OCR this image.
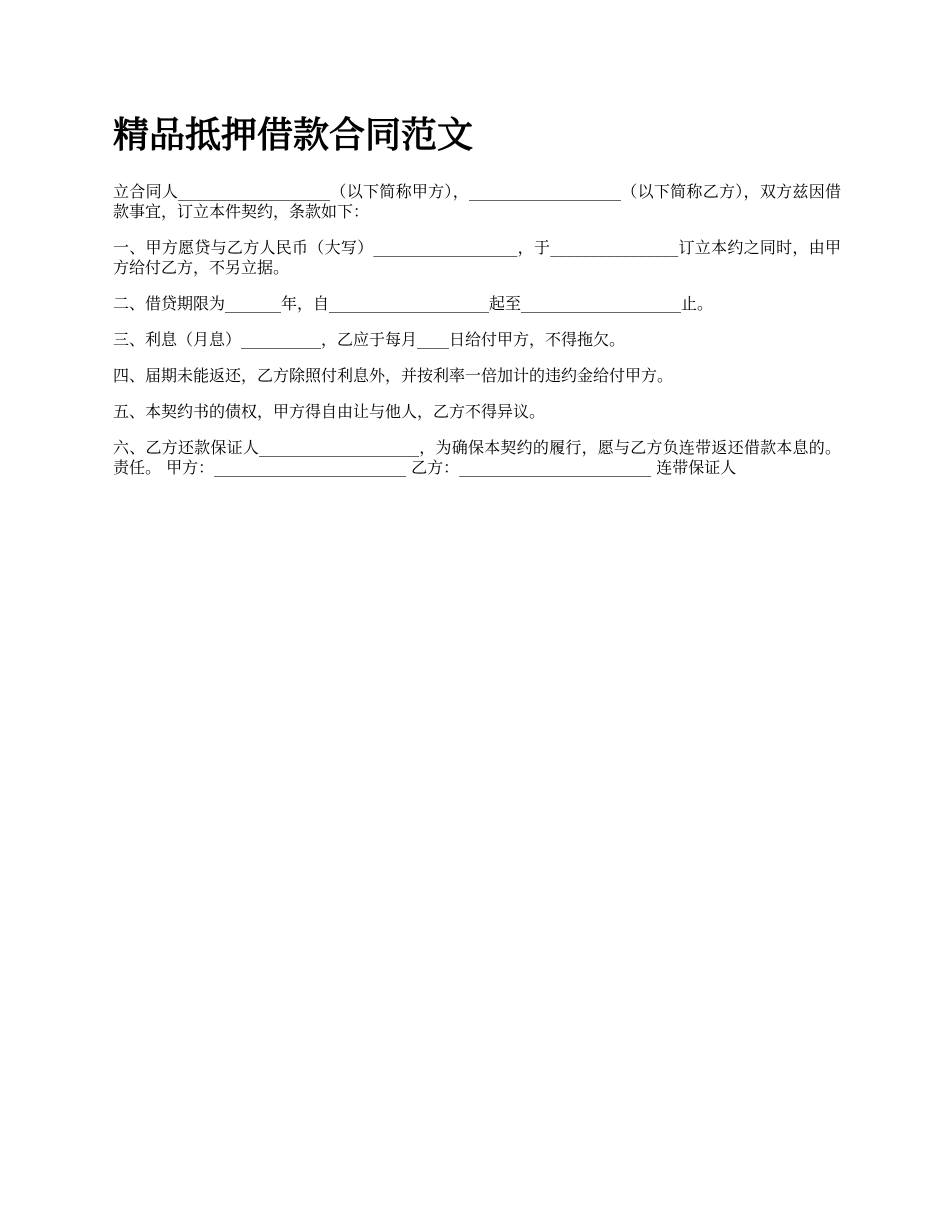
精品抵押借款合同范文

立合同人___________________（以下简称甲方），___________________（以下简称乙方），双方兹因借款事宜，订立本件契约，条款如下：

一、甲方愿贷与乙方人民币（大写）__________________，于________________订立本约之同时，由甲方给付乙方，不另立据。

二、借贷期限为_______年，自____________________起至____________________止。

三、利息（月息）__________，乙应于每月____日给付甲方，不得拖欠。

四、届期未能返还，乙方除照付利息外，并按利率一倍加计的违约金给付甲方。

五、本契约书的债权，甲方得自由让与他人，乙方不得异议。

六、乙方还款保证人____________________，为确保本契约的履行，愿与乙方负连带返还借款本息的。责任。 甲方：________________________ 乙方：________________________ 连带保证人
